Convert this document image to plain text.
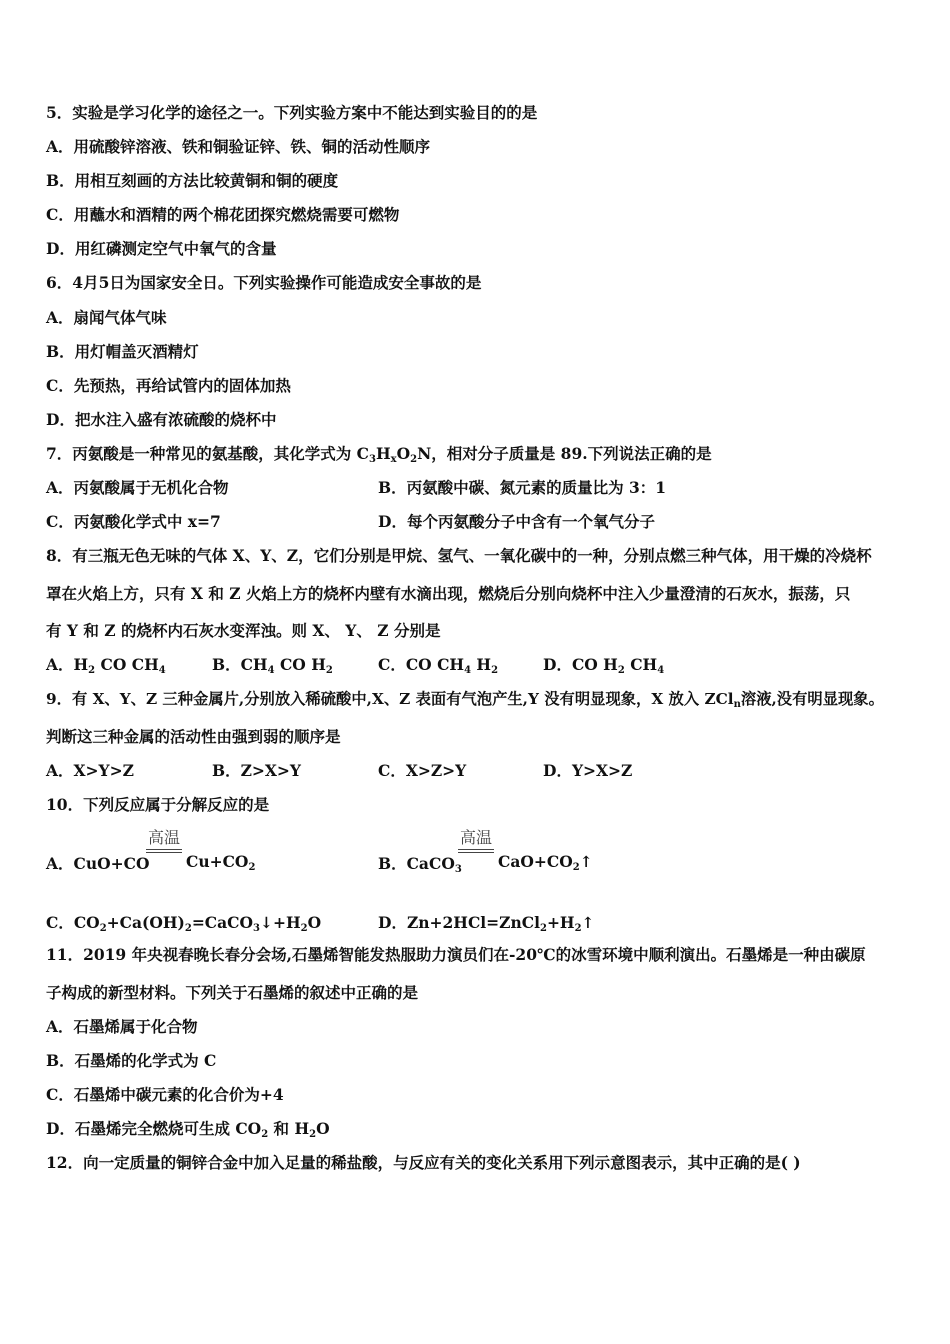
5．实验是学习化学的途径之一。下列实验方案中不能达到实验目的的是
A．用硫酸锌溶液、铁和铜验证锌、铁、铜的活动性顺序
B．用相互刻画的方法比较黄铜和铜的硬度
C．用蘸水和酒精的两个棉花团探究燃烧需要可燃物
D．用红磷测定空气中氧气的含量
6．4月5日为国家安全日。下列实验操作可能造成安全事故的是
A．扇闻气体气味
B．用灯帽盖灭酒精灯
C．先预热，再给试管内的固体加热
D．把水注入盛有浓硫酸的烧杯中
7．丙氨酸是一种常见的氨基酸，其化学式为 $C_3H_xO_2N$，相对分子质量是 89.下列说法正确的是
A．丙氨酸属于无机化合物	B．丙氨酸中碳、氮元素的质量比为 3：1
C．丙氨酸化学式中 x=7	D．每个丙氨酸分子中含有一个氧气分子
8．有三瓶无色无味的气体 X、Y、Z，它们分别是甲烷、氢气、一氧化碳中的一种，分别点燃三种气体，用干燥的冷烧杯
罩在火焰上方，只有 X 和 Z 火焰上方的烧杯内壁有水滴出现，燃烧后分别向烧杯中注入少量澄清的石灰水，振荡，只
有 Y 和 Z 的烧杯内石灰水变浑浊。则 X、 Y、 Z 分别是
A．$H_2$ CO $CH_4$	B．$CH_4$ CO $H_2$	C．CO $CH_4$ $H_2$	D．CO $H_2$ $CH_4$
9．有 X、Y、Z 三种金属片,分别放入稀硫酸中,X、Z 表面有气泡产生,Y 没有明显现象，X 放入 ZCl$_n$溶液,没有明显现象。
判断这三种金属的活动性由强到弱的顺序是
A．X>Y>Z	B．Z>X>Y	C．X>Z>Y	D．Y>X>Z
10．下列反应属于分解反应的是
A．CuO+CO
高温
$Cu+CO_2$	B．CaCO$_3$
高温
$CaO+CO_2↑$
C．$CO_2+Ca(OH)_2=CaCO_3↓+H_2O$	D．$Zn+2HCl=ZnCl_2+H_2↑$
11．2019 年央视春晚长春分会场,石墨烯智能发热服助力演员们在-20℃的冰雪环境中顺利演出。石墨烯是一种由碳原
子构成的新型材料。下列关于石墨烯的叙述中正确的是
A．石墨烯属于化合物
B．石墨烯的化学式为 C
C．石墨烯中碳元素的化合价为+4
D．石墨烯完全燃烧可生成 $CO_2$ 和 $H_2O$
12．向一定质量的铜锌合金中加入足量的稀盐酸，与反应有关的变化关系用下列示意图表示，其中正确的是( )
